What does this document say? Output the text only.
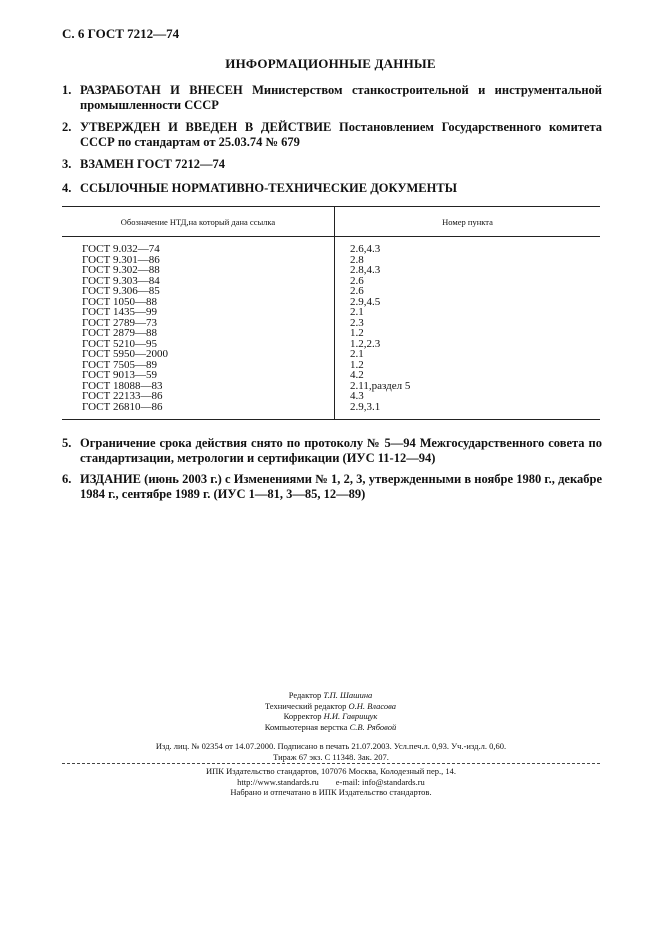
С. 6 ГОСТ 7212—74
ИНФОРМАЦИОННЫЕ ДАННЫЕ
1. РАЗРАБОТАН И ВНЕСЕН Министерством станкостроительной и инструментальной промышленности СССР
2. УТВЕРЖДЕН И ВВЕДЕН В ДЕЙСТВИЕ Постановлением Государственного комитета СССР по стандартам от 25.03.74 № 679
3. ВЗАМЕН ГОСТ 7212—74
4. ССЫЛОЧНЫЕ НОРМАТИВНО-ТЕХНИЧЕСКИЕ ДОКУМЕНТЫ
Обозначение НТД,на который дана ссылка	Номер пункта
ГОСТ 9.032—74	2.6,4.3
ГОСТ 9.301—86	2.8
ГОСТ 9.302—88	2.8,4.3
ГОСТ 9.303—84	2.6
ГОСТ 9.306—85	2.6
ГОСТ 1050—88	2.9,4.5
ГОСТ 1435—99	2.1
ГОСТ 2789—73	2.3
ГОСТ 2879—88	1.2
ГОСТ 5210—95	1.2,2.3
ГОСТ 5950—2000	2.1
ГОСТ 7505—89	1.2
ГОСТ 9013—59	4.2
ГОСТ 18088—83	2.11,раздел 5
ГОСТ 22133—86	4.3
ГОСТ 26810—86	2.9,3.1
5. Ограничение срока действия снято по протоколу № 5—94 Межгосударственного совета по стандартизации, метрологии и сертификации (ИУС 11-12—94)
6. ИЗДАНИЕ (июнь 2003 г.) с Изменениями № 1, 2, 3, утвержденными в ноябре 1980 г., декабре 1984 г., сентябре 1989 г. (ИУС 1—81, 3—85, 12—89)
Редактор Т.П. Шашина
Технический редактор О.Н. Власова
Корректор Н.И. Гаврищук
Компьютерная верстка С.В. Рябовой
Изд. лиц. № 02354 от 14.07.2000. Подписано в печать 21.07.2003. Усл.печ.л. 0,93. Уч.-изд.л. 0,60.
Тираж 67 экз. С 11348. Зак. 207.
ИПК Издательство стандартов, 107076 Москва, Колодезный пер., 14.
http://www.standards.ru e-mail: info@standards.ru
Набрано и отпечатано в ИПК Издательство стандартов.
